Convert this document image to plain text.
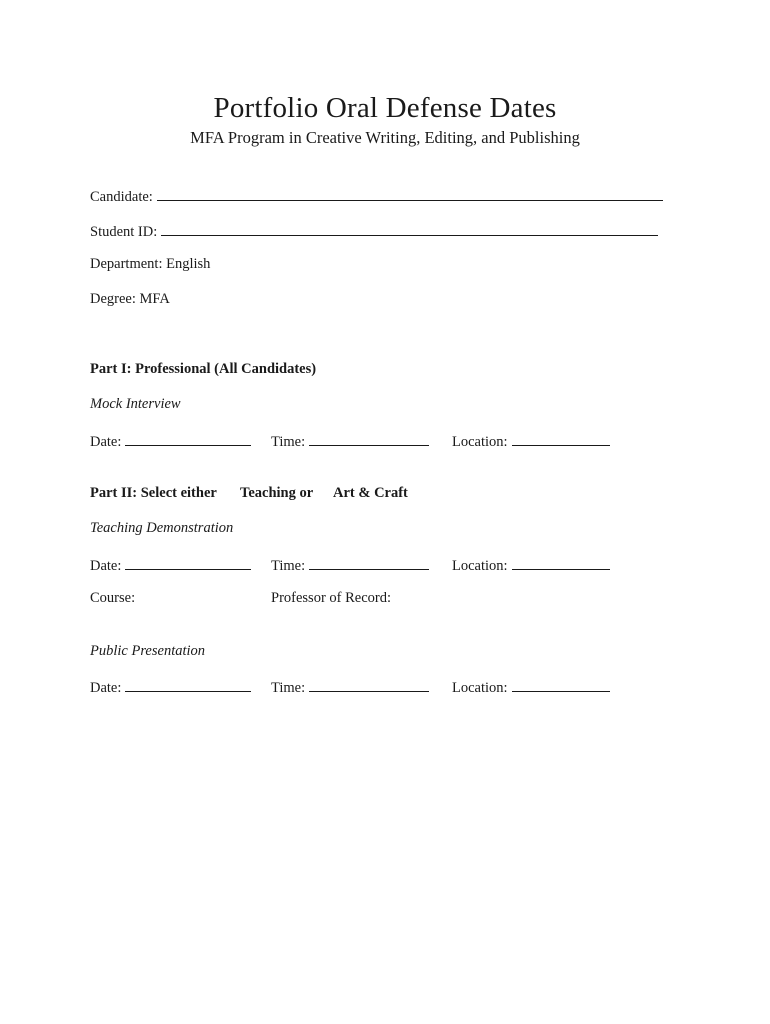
Portfolio Oral Defense Dates
MFA Program in Creative Writing, Editing, and Publishing
Candidate:
Student ID:
Department: English
Degree: MFA
Part I: Professional (All Candidates)
Mock Interview
Date:	Time:	Location:
Part II: Select either Teaching or Art & Craft
Teaching Demonstration
Date:	Time:	Location:
Course:	Professor of Record:
Public Presentation
Date:	Time:	Location:
